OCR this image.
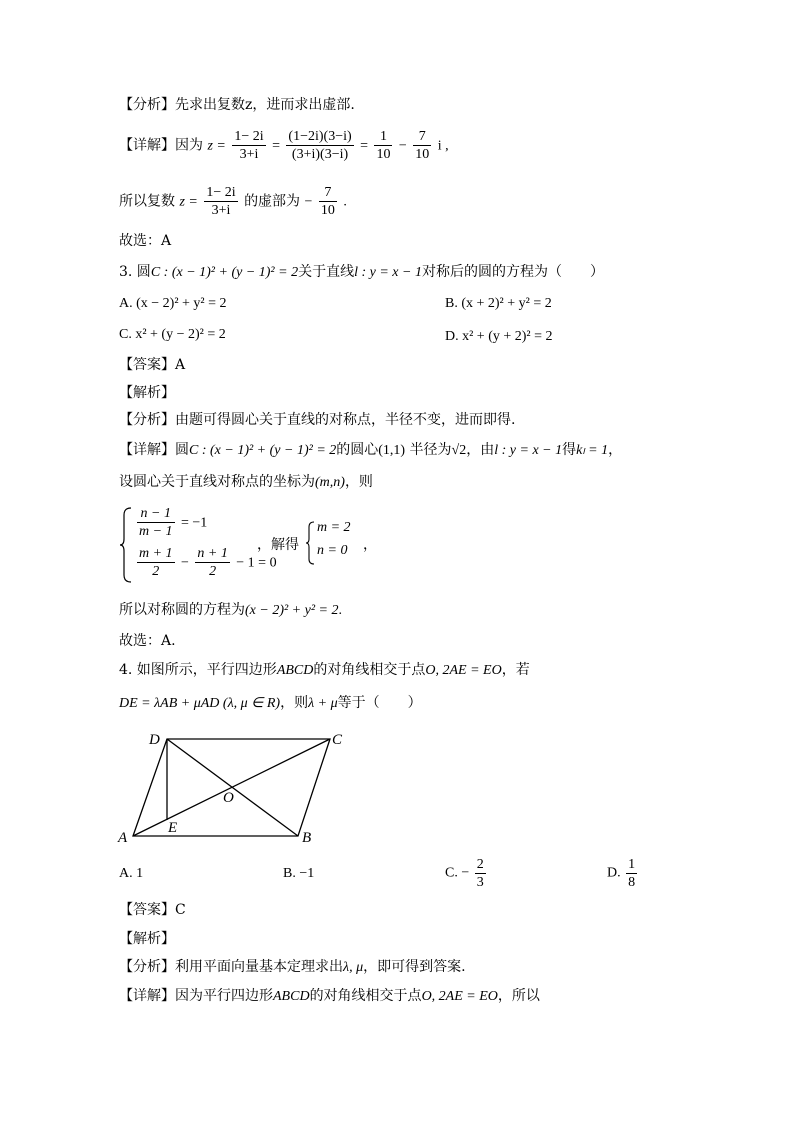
【分析】先求出复数z，进而求出虚部.
【详解】因为 $z = \frac{1- 2i}{3+i} = \frac{(1-2i)(3-i)}{(3+i)(3-i)} = \frac{1}{10} - \frac{7}{10}$ i ,
所以复数 $z = \frac{1- 2i}{3+i}$ 的虚部为 − $\frac{7}{10}$ .
故选：A
3. 圆C : (x − 1)² + (y − 1)² = 2关于直线l : y = x − 1对称后的圆的方程为（　　）
A. (x − 2)² + y² = 2	B. (x + 2)² + y² = 2
C. x² + (y − 2)² = 2	D. x² + (y + 2)² = 2
【答案】A
【解析】
【分析】由题可得圆心关于直线的对称点，半径不变，进而即得.
【详解】圆C : (x − 1)² + (y − 1)² = 2的圆心(1,1) 半径为√2，由l : y = x − 1得kₗ = 1，
设圆心关于直线对称点的坐标为(m,n)，则
$\frac{n - 1}{m - 1} = -1$
$\frac{m + 1}{2} - \frac{n + 1}{2} - 1 = 0$
，解得
m = 2
n = 0 ，
所以对称圆的方程为(x − 2)² + y² = 2.
故选：A.
4. 如图所示，平行四边形ABCD的对角线相交于点O, 2AE = EO，若
DE = λAB + μAD (λ, μ ∈ R)，则λ + μ等于（　　）
A	B
C
D
E
O
A. 1	B. −1	C. − $\frac{2}{3}$	D. $\frac{1}{8}$
【答案】C
【解析】
【分析】利用平面向量基本定理求出λ, μ，即可得到答案.
【详解】因为平行四边形ABCD的对角线相交于点O, 2AE = EO，所以
